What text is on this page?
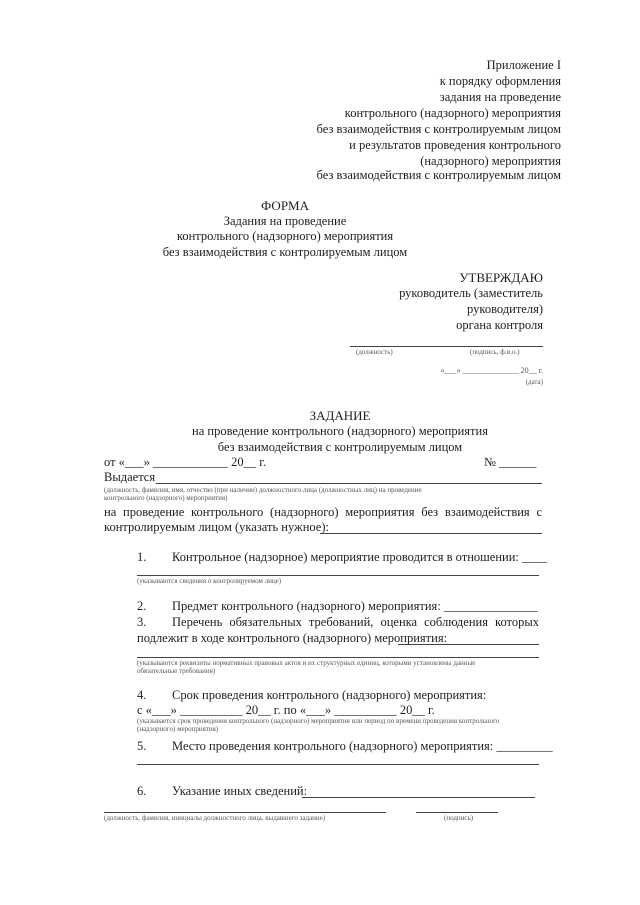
Приложение I
к порядку оформления
задания на проведение
контрольного (надзорного) мероприятия
без взаимодействия с контролируемым лицом
и результатов проведения контрольного
(надзорного) мероприятия
без взаимодействия с контролируемым лицом
ФОРМА
Задания на проведение
контрольного (надзорного) мероприятия
без взаимодействия с контролируемым лицом
УТВЕРЖДАЮ
руководитель (заместитель
руководителя)
органа контроля
(должность)	(подпись, ф.и.о.)
«___» ______________ 20__ г.
(дата)
ЗАДАНИЕ
на проведение контрольного (надзорного) мероприятия
без взаимодействия с контролируемым лицом
от «___» ____________ 20__ г.	№ ______
Выдается
(должность, фамилия, имя, отчество (при наличии) должностного лица (должностных лиц) на проведение
контрольного (надзорного) мероприятия)
на проведение контрольного (надзорного) мероприятия без взаимодействия с
контролируемым лицом (указать нужное):
1. Контрольное (надзорное) мероприятие проводится в отношении: ____
(указываются сведения о контролируемом лице)
2. Предмет контрольного (надзорного) мероприятия: _______________
3. Перечень обязательных требований, оценка соблюдения которых
подлежит в ходе контрольного (надзорного) мероприятия:
(указываются реквизиты нормативных правовых актов и их структурных единиц, которыми установлены данные
обязательные требования)
4. Срок проведения контрольного (надзорного) мероприятия:
с «___» __________ 20__ г. по «___» __________ 20__ г.
(указывается срок проведения контрольного (надзорного) мероприятия или период по времени проведения контрольного
(надзорного) мероприятия)
5. Место проведения контрольного (надзорного) мероприятия: _________
6. Указание иных сведений:
(должность, фамилия, инициалы должностного лица, выдавшего задание)	(подпись)
